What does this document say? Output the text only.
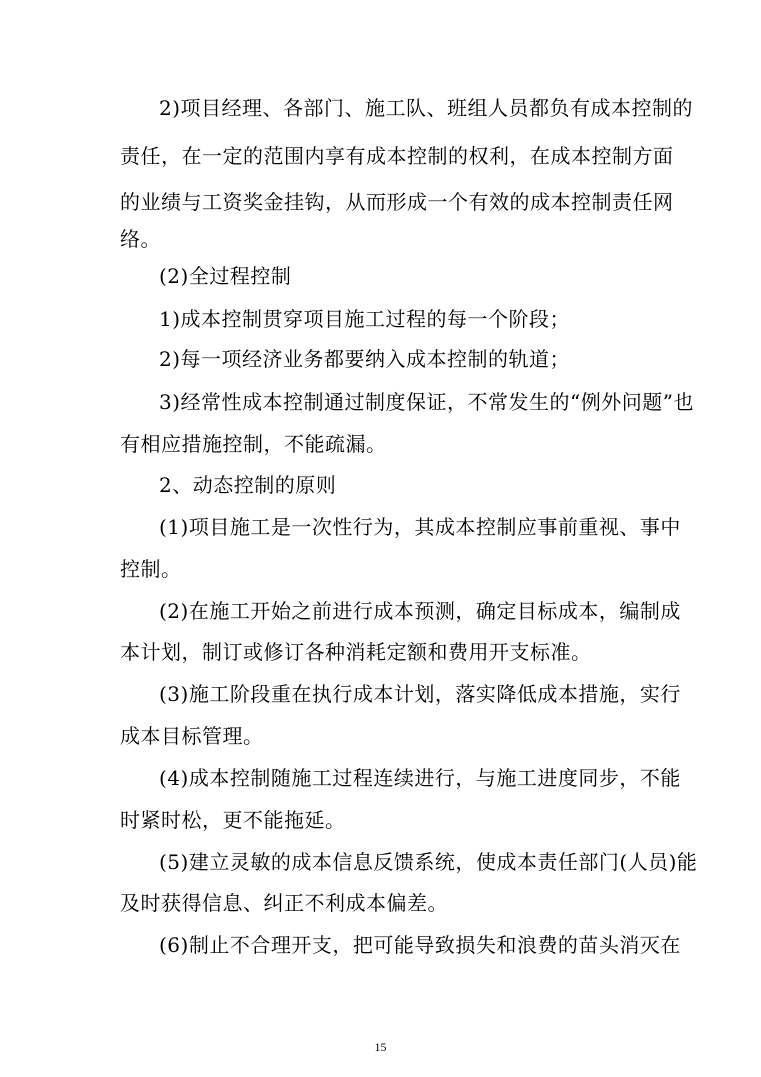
2)项目经理、各部门、施工队、班组人员都负有成本控制的
责任，在一定的范围内享有成本控制的权利，在成本控制方面
的业绩与工资奖金挂钩，从而形成一个有效的成本控制责任网
络。
(2)全过程控制
1)成本控制贯穿项目施工过程的每一个阶段；
2)每一项经济业务都要纳入成本控制的轨道；
3)经常性成本控制通过制度保证，不常发生的“例外问题”也
有相应措施控制，不能疏漏。
2、动态控制的原则
(1)项目施工是一次性行为，其成本控制应事前重视、事中
控制。
(2)在施工开始之前进行成本预测，确定目标成本，编制成
本计划，制订或修订各种消耗定额和费用开支标准。
(3)施工阶段重在执行成本计划，落实降低成本措施，实行
成本目标管理。
(4)成本控制随施工过程连续进行，与施工进度同步，不能
时紧时松，更不能拖延。
(5)建立灵敏的成本信息反馈系统，使成本责任部门(人员)能
及时获得信息、纠正不利成本偏差。
(6)制止不合理开支，把可能导致损失和浪费的苗头消灭在
15
